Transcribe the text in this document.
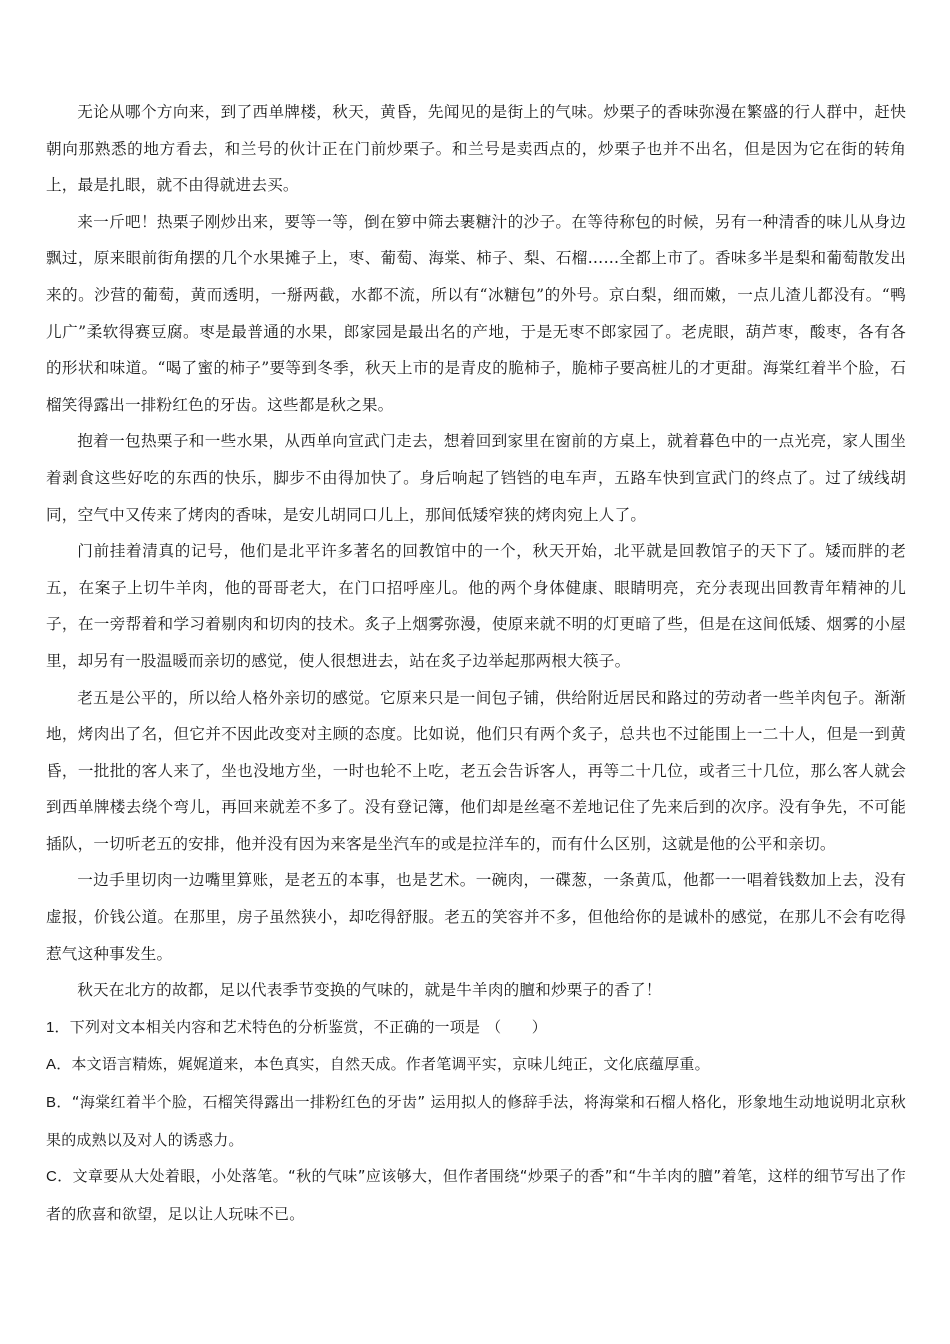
无论从哪个方向来，到了西单牌楼，秋天，黄昏，先闻见的是街上的气味。炒栗子的香味弥漫在繁盛的行人群中，赶快朝向那熟悉的地方看去，和兰号的伙计正在门前炒栗子。和兰号是卖西点的，炒栗子也并不出名，但是因为它在街的转角上，最是扎眼，就不由得就进去买。

来一斤吧！热栗子刚炒出来，要等一等，倒在箩中筛去裹糖汁的沙子。在等待称包的时候，另有一种清香的味儿从身边飘过，原来眼前街角摆的几个水果摊子上，枣、葡萄、海棠、柿子、梨、石榴……全都上市了。香味多半是梨和葡萄散发出来的。沙营的葡萄，黄而透明，一掰两截，水都不流，所以有“冰糖包”的外号。京白梨，细而嫩，一点儿渣儿都没有。“鸭儿广”柔软得赛豆腐。枣是最普通的水果，郎家园是最出名的产地，于是无枣不郎家园了。老虎眼，葫芦枣，酸枣，各有各的形状和味道。“喝了蜜的柿子”要等到冬季，秋天上市的是青皮的脆柿子，脆柿子要高桩儿的才更甜。海棠红着半个脸，石榴笑得露出一排粉红色的牙齿。这些都是秋之果。

抱着一包热栗子和一些水果，从西单向宣武门走去，想着回到家里在窗前的方桌上，就着暮色中的一点光亮，家人围坐着剥食这些好吃的东西的快乐，脚步不由得加快了。身后响起了铛铛的电车声，五路车快到宣武门的终点了。过了绒线胡同，空气中又传来了烤肉的香味，是安儿胡同口儿上，那间低矮窄狭的烤肉宛上人了。

门前挂着清真的记号，他们是北平许多著名的回教馆中的一个，秋天开始，北平就是回教馆子的天下了。矮而胖的老五，在案子上切牛羊肉，他的哥哥老大，在门口招呼座儿。他的两个身体健康、眼睛明亮，充分表现出回教青年精神的儿子，在一旁帮着和学习着剔肉和切肉的技术。炙子上烟雾弥漫，使原来就不明的灯更暗了些，但是在这间低矮、烟雾的小屋里，却另有一股温暖而亲切的感觉，使人很想进去，站在炙子边举起那两根大筷子。

老五是公平的，所以给人格外亲切的感觉。它原来只是一间包子铺，供给附近居民和路过的劳动者一些羊肉包子。渐渐地，烤肉出了名，但它并不因此改变对主顾的态度。比如说，他们只有两个炙子，总共也不过能围上一二十人，但是一到黄昏，一批批的客人来了，坐也没地方坐，一时也轮不上吃，老五会告诉客人，再等二十几位，或者三十几位，那么客人就会到西单牌楼去绕个弯儿，再回来就差不多了。没有登记簿，他们却是丝毫不差地记住了先来后到的次序。没有争先，不可能插队，一切听老五的安排，他并没有因为来客是坐汽车的或是拉洋车的，而有什么区别，这就是他的公平和亲切。

一边手里切肉一边嘴里算账，是老五的本事，也是艺术。一碗肉，一碟葱，一条黄瓜，他都一一唱着钱数加上去，没有虚报，价钱公道。在那里，房子虽然狭小，却吃得舒服。老五的笑容并不多，但他给你的是诚朴的感觉，在那儿不会有吃得惹气这种事发生。

秋天在北方的故都，足以代表季节变换的气味的，就是牛羊肉的膻和炒栗子的香了！

1．下列对文本相关内容和艺术特色的分析鉴赏，不正确的一项是 （　　）

A．本文语言精炼，娓娓道来，本色真实，自然天成。作者笔调平实，京味儿纯正，文化底蕴厚重。

B．“海棠红着半个脸，石榴笑得露出一排粉红色的牙齿” 运用拟人的修辞手法，将海棠和石榴人格化，形象地生动地说明北京秋果的成熟以及对人的诱惑力。

C．文章要从大处着眼，小处落笔。“秋的气味”应该够大，但作者围绕“炒栗子的香”和“牛羊肉的膻”着笔，这样的细节写出了作者的欣喜和欲望，足以让人玩味不已。
